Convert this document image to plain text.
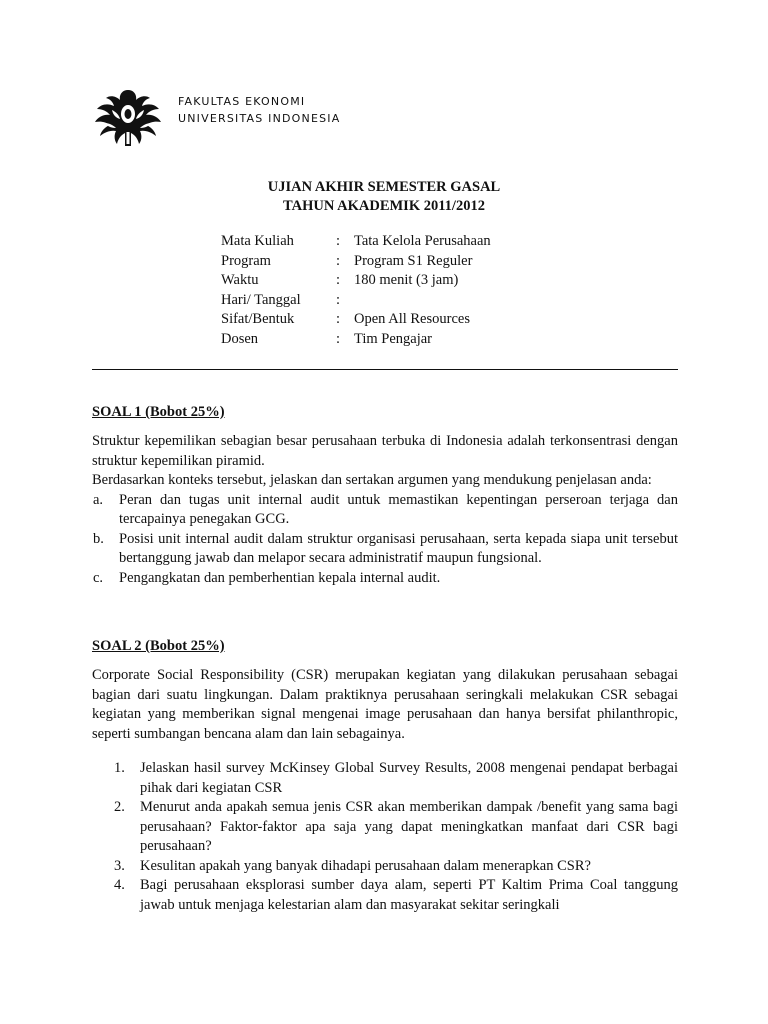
FAKULTAS EKONOMI
UNIVERSITAS INDONESIA
UJIAN AKHIR SEMESTER GASAL
TAHUN AKADEMIK 2011/2012
Mata Kuliah	: Tata Kelola Perusahaan
Program	: Program S1 Reguler
Waktu	: 180 menit (3 jam)
Hari/ Tanggal	:
Sifat/Bentuk	: Open All Resources
Dosen	: Tim Pengajar
SOAL 1 (Bobot 25%)

Struktur kepemilikan sebagian besar perusahaan terbuka di Indonesia adalah terkonsentrasi dengan struktur kepemilikan piramid.

Berdasarkan konteks tersebut, jelaskan dan sertakan argumen yang mendukung penjelasan anda:

a.	Peran dan tugas unit internal audit untuk memastikan kepentingan perseroan terjaga dan tercapainya penegakan GCG.
b.	Posisi unit internal audit dalam struktur organisasi perusahaan, serta kepada siapa unit tersebut bertanggung jawab dan melapor secara administratif maupun fungsional.
c.	Pengangkatan dan pemberhentian kepala internal audit.
SOAL 2 (Bobot 25%)

Corporate Social Responsibility (CSR) merupakan kegiatan yang dilakukan perusahaan sebagai bagian dari suatu lingkungan. Dalam praktiknya perusahaan seringkali melakukan CSR sebagai kegiatan yang memberikan signal mengenai image perusahaan dan hanya bersifat philanthropic, seperti sumbangan bencana alam dan lain sebagainya.

1.	Jelaskan hasil survey McKinsey Global Survey Results, 2008 mengenai pendapat berbagai pihak dari kegiatan CSR
2.	Menurut anda apakah semua jenis CSR akan memberikan dampak /benefit yang sama bagi perusahaan? Faktor-faktor apa saja yang dapat meningkatkan manfaat dari CSR bagi perusahaan?
3.	Kesulitan apakah yang banyak dihadapi perusahaan dalam menerapkan CSR?
4.	Bagi perusahaan eksplorasi sumber daya alam, seperti PT Kaltim Prima Coal tanggung jawab untuk menjaga kelestarian alam dan masyarakat sekitar seringkali
